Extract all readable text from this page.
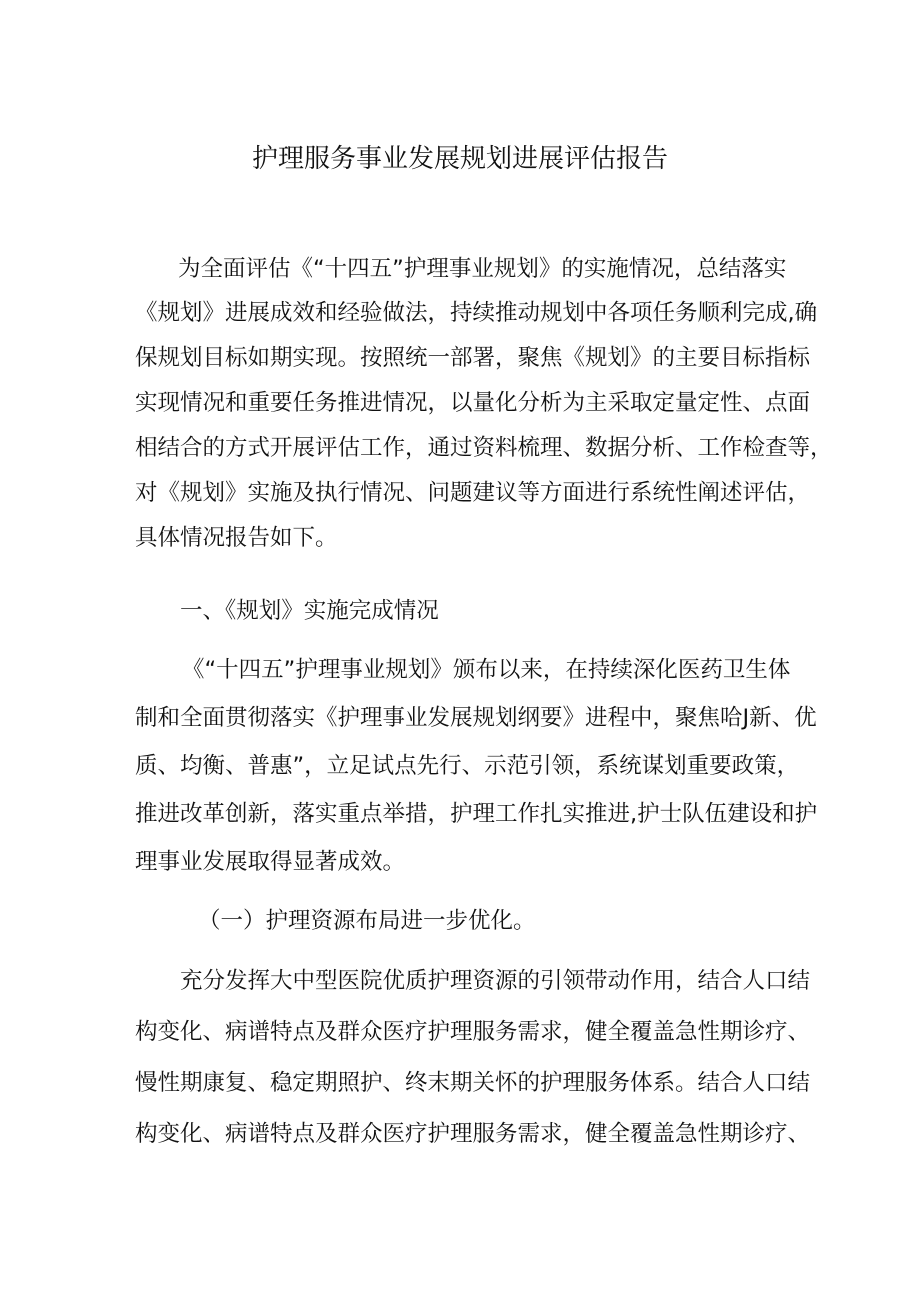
护理服务事业发展规划进展评估报告

为全面评估《“十四五”护理事业规划》的实施情况，总结落实

《规划》进展成效和经验做法，持续推动规划中各项任务顺利完成,确

保规划目标如期实现。按照统一部署，聚焦《规划》的主要目标指标

实现情况和重要任务推进情况，以量化分析为主采取定量定性、点面

相结合的方式开展评估工作，通过资料梳理、数据分析、工作检查等，

对《规划》实施及执行情况、问题建议等方面进行系统性阐述评估，

具体情况报告如下。

一、《规划》实施完成情况

《“十四五”护理事业规划》颁布以来，在持续深化医药卫生体

制和全面贯彻落实《护理事业发展规划纲要》进程中，聚焦哈J新、优

质、均衡、普惠”，立足试点先行、示范引领，系统谋划重要政策，

推进改革创新，落实重点举措，护理工作扎实推进,护士队伍建设和护

理事业发展取得显著成效。

（一）护理资源布局进一步优化。

充分发挥大中型医院优质护理资源的引领带动作用，结合人口结

构变化、病谱特点及群众医疗护理服务需求，健全覆盖急性期诊疗、

慢性期康复、稳定期照护、终末期关怀的护理服务体系。结合人口结

构变化、病谱特点及群众医疗护理服务需求，健全覆盖急性期诊疗、
